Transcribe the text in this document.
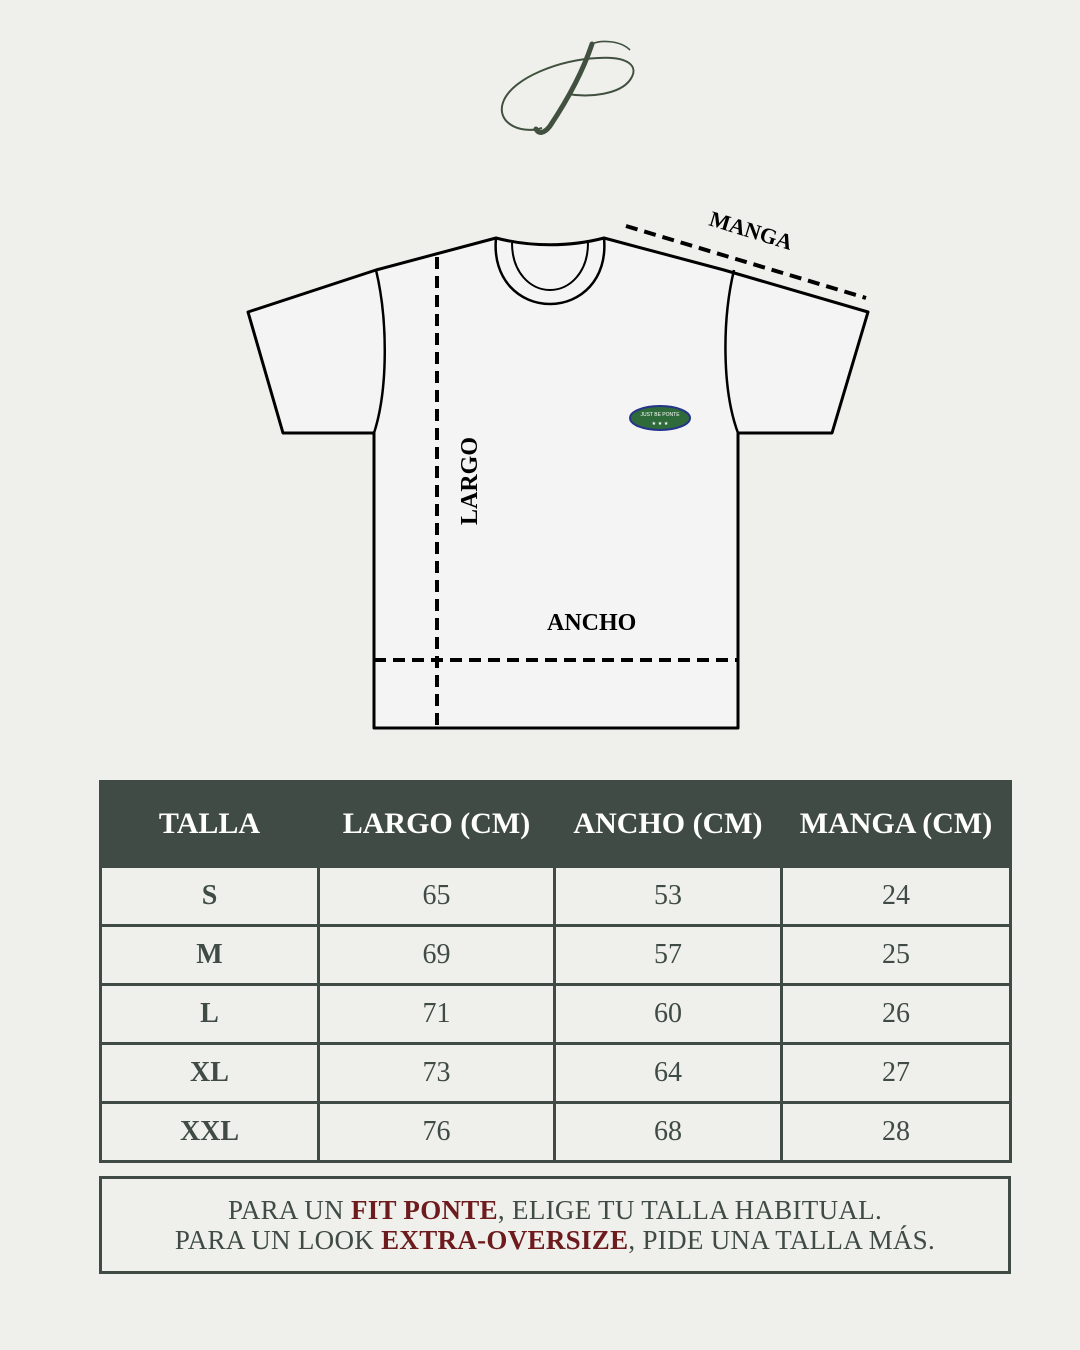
MANGA
LARGO
ANCHO
JUST BE PONTE
★ ★ ★
TALLA	LARGO (CM)	ANCHO (CM)	MANGA (CM)
S	65	53	24
M	69	57	25
L	71	60	26
XL	73	64	27
XXL	76	68	28
PARA UN FIT PONTE, ELIGE TU TALLA HABITUAL.
PARA UN LOOK EXTRA-OVERSIZE, PIDE UNA TALLA MÁS.
